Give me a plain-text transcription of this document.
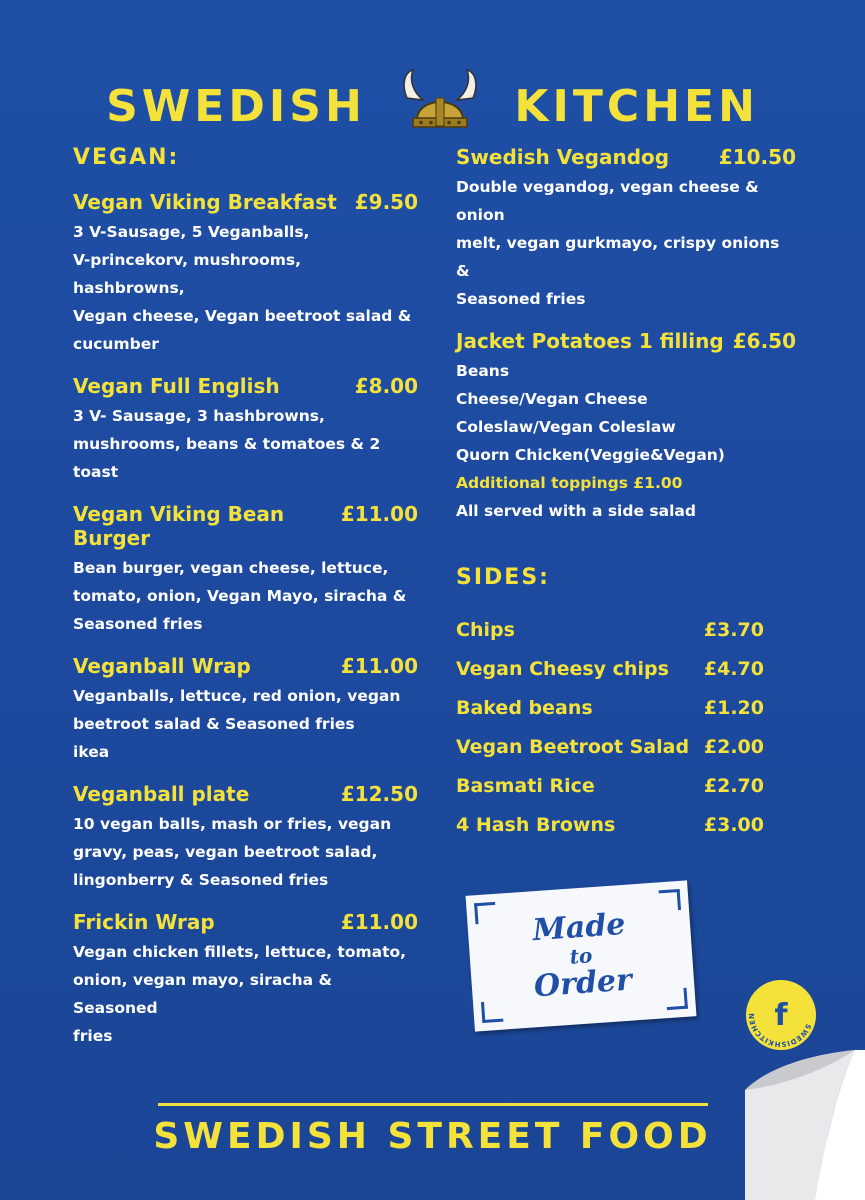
SWEDISH	KITCHEN
VEGAN:
Vegan Viking Breakfast £9.50
3 V-Sausage, 5 Veganballs,
V-princekorv, mushrooms, hashbrowns,
Vegan cheese, Vegan beetroot salad &
cucumber
Vegan Full English	£8.00
3 V- Sausage, 3 hashbrowns,
mushrooms, beans & tomatoes & 2
toast
Vegan Viking Bean Burger
£11.00
Bean burger, vegan cheese, lettuce,
tomato, onion, Vegan Mayo, siracha &
Seasoned fries
Veganball Wrap	£11.00
Veganballs, lettuce, red onion, vegan
beetroot salad & Seasoned fries
ikea
Veganball plate	£12.50
10 vegan balls, mash or fries, vegan
gravy, peas, vegan beetroot salad,
lingonberry & Seasoned fries
Frickin Wrap	£11.00
Vegan chicken fillets, lettuce, tomato,
onion, vegan mayo, siracha & Seasoned
fries
Swedish Vegandog £10.50
Double vegandog, vegan cheese & onion
melt, vegan gurkmayo, crispy onions &
Seasoned fries
Jacket Potatoes 1 filling £6.50
Beans
Cheese/Vegan Cheese
Coleslaw/Vegan Coleslaw
Quorn Chicken(Veggie&Vegan)
Additional toppings £1.00
All served with a side salad
SIDES:
Chips	£3.70
Vegan Cheesy chips £4.70
Baked beans	£1.20
Vegan Beetroot Salad £2.00
Basmati Rice	£2.70
4 Hash Browns	£3.00
Made
to
Order
SWEDISHKITCHEN f
SWEDISH STREET FOOD
